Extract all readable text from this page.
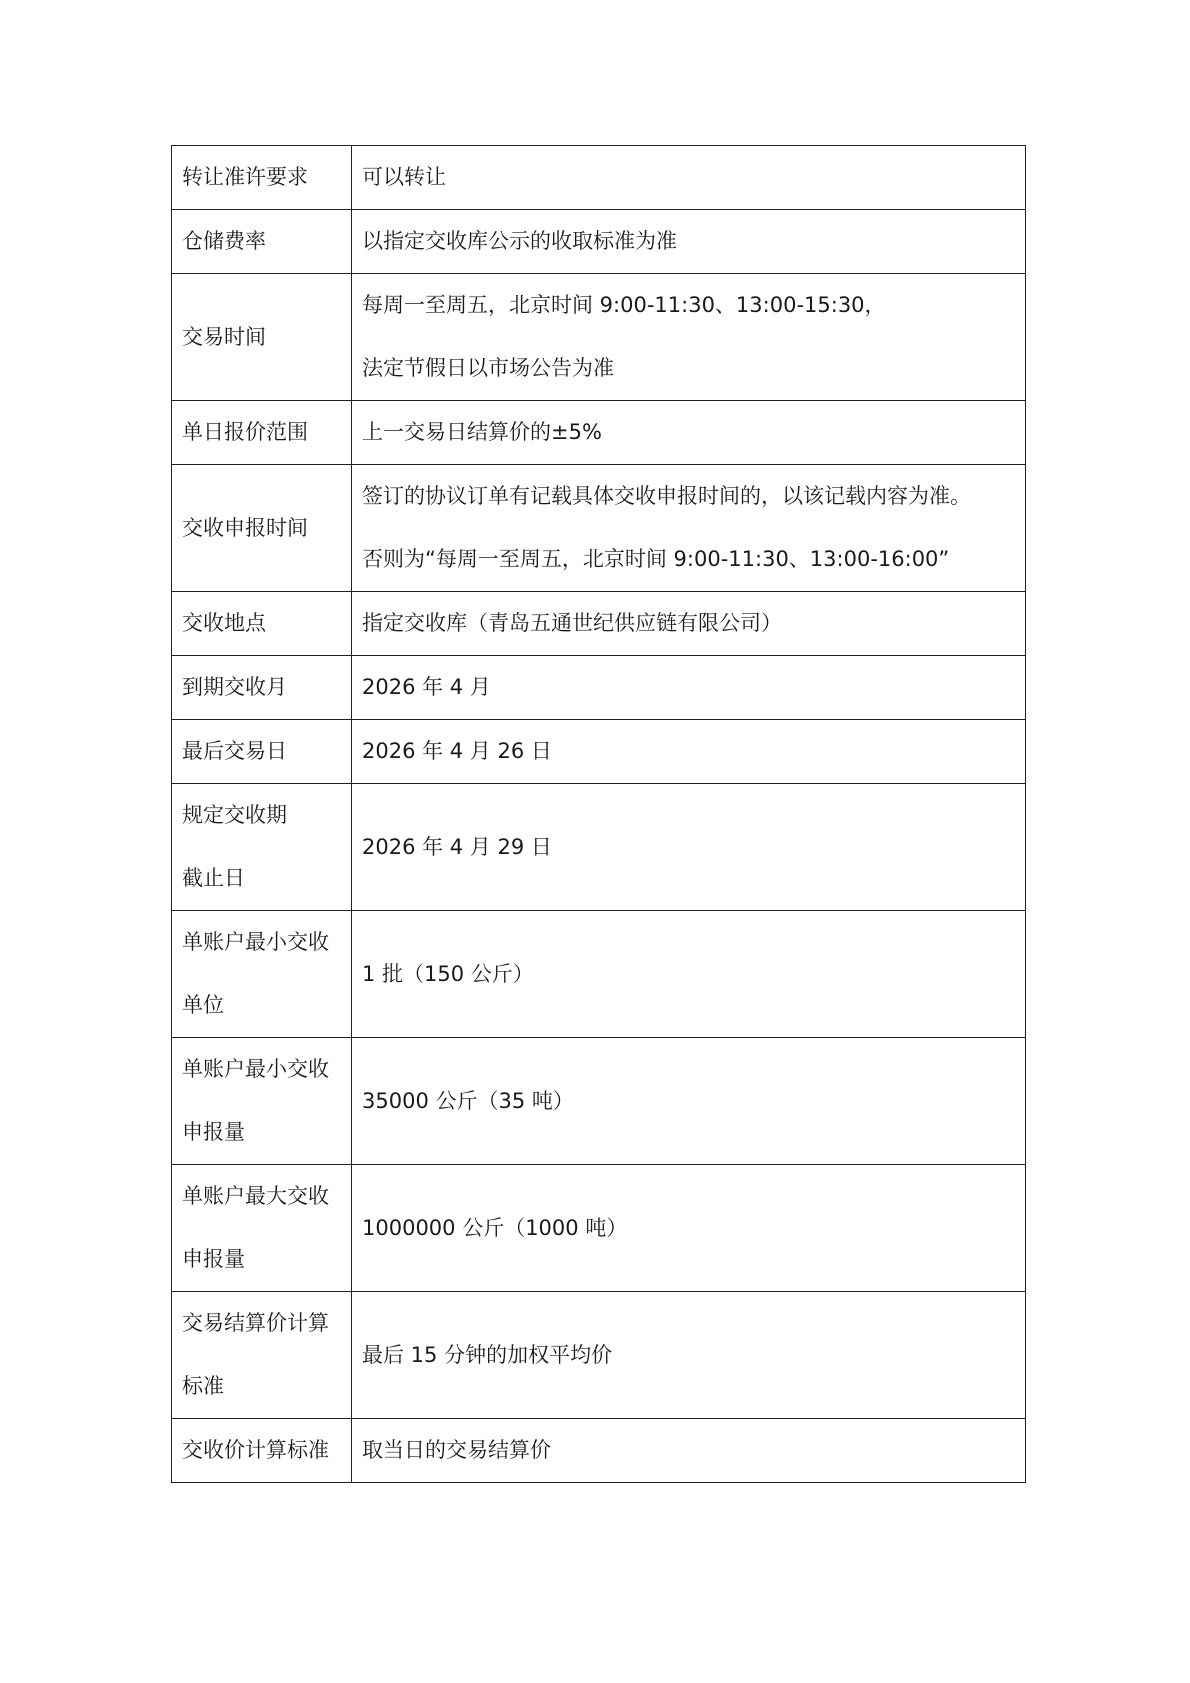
转让准许要求	可以转让

仓储费率	以指定交收库公示的收取标准为准

交易时间	每周一至周五，北京时间 9:00-11:30、13:00-15:30，
法定节假日以市场公告为准

单日报价范围	上一交易日结算价的±5%

交收申报时间	签订的协议订单有记载具体交收申报时间的，以该记载内容为准。
否则为“每周一至周五，北京时间 9:00-11:30、13:00-16:00”

交收地点	指定交收库（青岛五通世纪供应链有限公司）

到期交收月	2026 年 4 月

最后交易日	2026 年 4 月 26 日

规定交收期
截止日	2026 年 4 月 29 日

单账户最小交收
单位	1 批（150 公斤）

单账户最小交收
申报量	35000 公斤（35 吨）

单账户最大交收
申报量	1000000 公斤（1000 吨）

交易结算价计算
标准	最后 15 分钟的加权平均价

交收价计算标准	取当日的交易结算价
